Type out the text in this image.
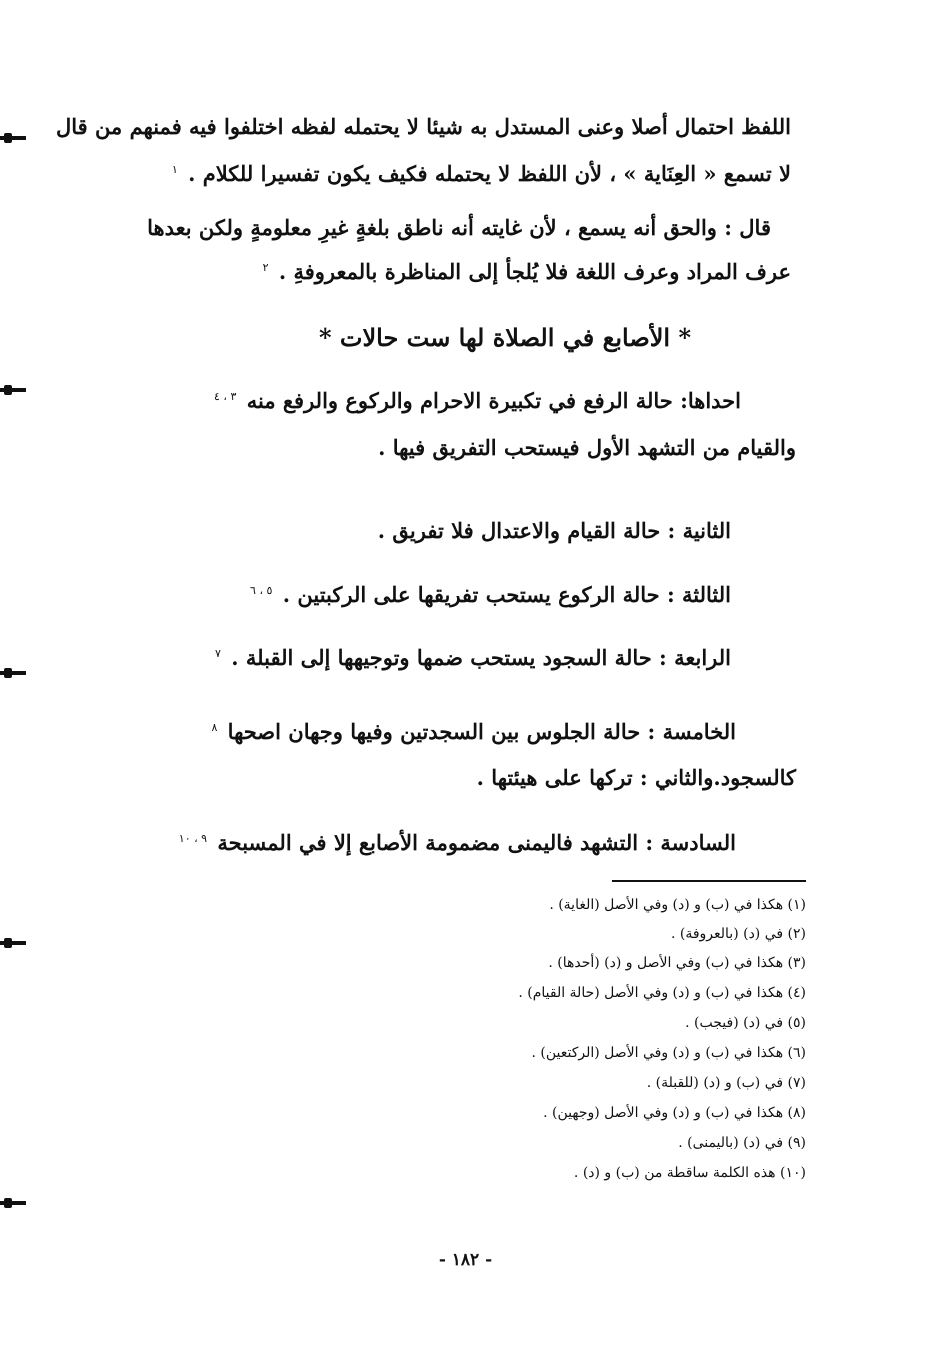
اللفظ احتمال أصلا وعنى المستدل به شيئا لا يحتمله لفظه اختلفوا فيه فمنهم من قال
لا تسمع « العِنَاية » ، لأن اللفظ لا يحتمله فكيف يكون تفسيرا للكلام . $^١$
قال : والحق أنه يسمع ، لأن غايته أنه ناطق بلغةٍ غيرِ معلومةٍ ولكن بعدها
عرف المراد وعرف اللغة فلا يُلجأ إلى المناظرة بالمعروفةِ . $^٢$
* الأصابع في الصلاة لها ست حالات *
احداها: حالة الرفع في تكبيرة الاحرام والركوع والرفع منه $^{٣ ، ٤}$
والقيام من التشهد الأول فيستحب التفريق فيها .
الثانية : حالة القيام والاعتدال فلا تفريق .
الثالثة : حالة الركوع يستحب تفريقها على الركبتين . $^{٥ ، ٦}$
الرابعة : حالة السجود يستحب ضمها وتوجيهها إلى القبلة . $^٧$
الخامسة : حالة الجلوس بين السجدتين وفيها وجهان اصحها $^٨$
كالسجود.والثاني : تركها على هيئتها .
السادسة : التشهد فاليمنى مضمومة الأصابع إلا في المسبحة $^{٩ ، ١٠}$
(١) هكذا في (ب) و (د) وفي الأصل (الغاية) .
(٢) في (د) (بالعروفة) .
(٣) هكذا في (ب) وفي الأصل و (د) (أحدها) .
(٤) هكذا في (ب) و (د) وفي الأصل (حالة القيام) .
(٥) في (د) (فيجب) .
(٦) هكذا في (ب) و (د) وفي الأصل (الركتعين) .
(٧) في (ب) و (د) (للقبلة) .
(٨) هكذا في (ب) و (د) وفي الأصل (وجهين) .
(٩) في (د) (باليمنى) .
(١٠) هذه الكلمة ساقطة من (ب) و (د) .
- ١٨٢ -
